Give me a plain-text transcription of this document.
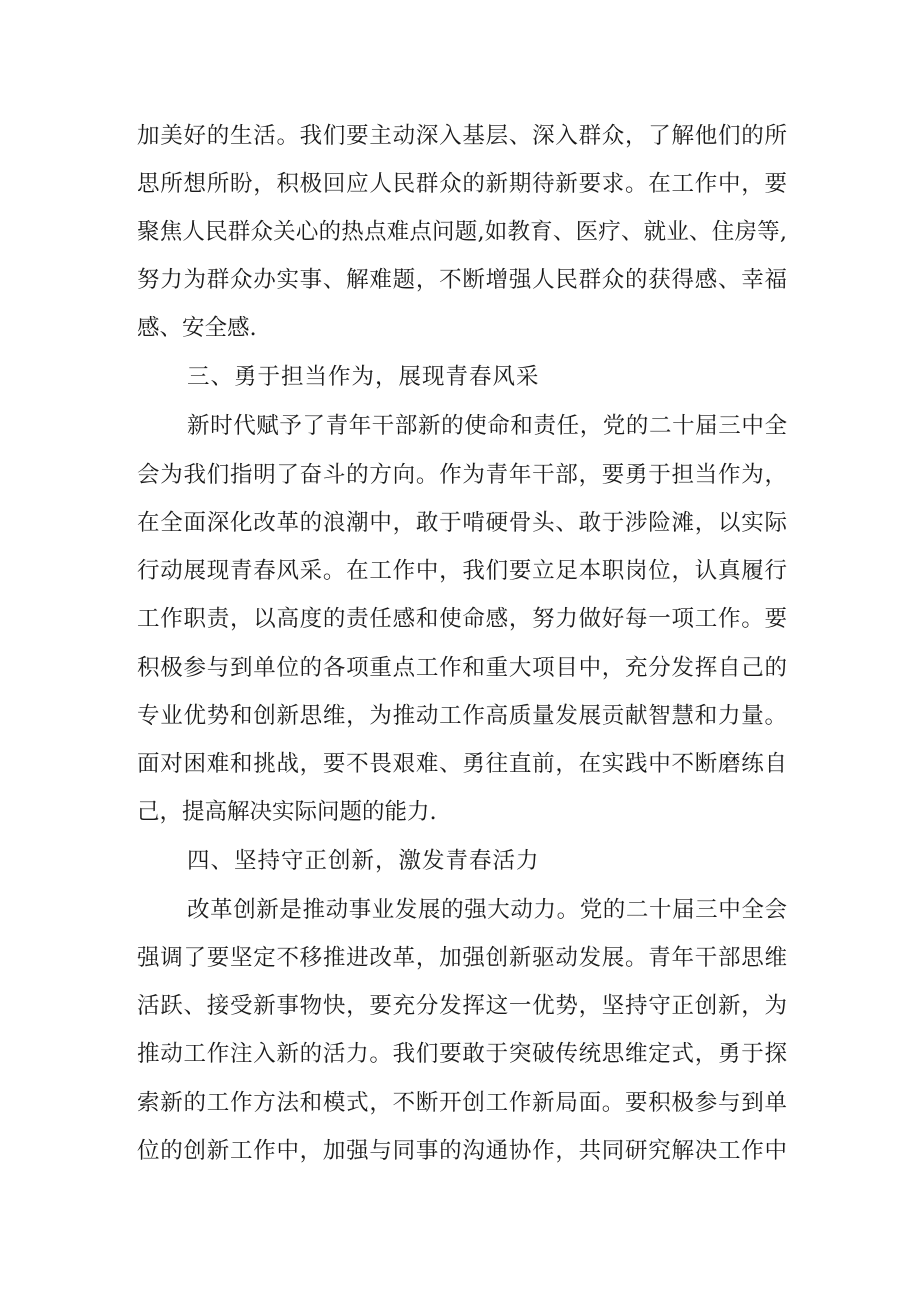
加美好的生活。我们要主动深入基层、深入群众，了解他们的所
思所想所盼，积极回应人民群众的新期待新要求。在工作中，要
聚焦人民群众关心的热点难点问题,如教育、医疗、就业、住房等,
努力为群众办实事、解难题，不断增强人民群众的获得感、幸福
感、安全感.
三、勇于担当作为，展现青春风采
新时代赋予了青年干部新的使命和责任，党的二十届三中全
会为我们指明了奋斗的方向。作为青年干部，要勇于担当作为，
在全面深化改革的浪潮中，敢于啃硬骨头、敢于涉险滩，以实际
行动展现青春风采。在工作中，我们要立足本职岗位，认真履行
工作职责，以高度的责任感和使命感，努力做好每一项工作。要
积极参与到单位的各项重点工作和重大项目中，充分发挥自己的
专业优势和创新思维，为推动工作高质量发展贡献智慧和力量。
面对困难和挑战，要不畏艰难、勇往直前，在实践中不断磨练自
己，提高解决实际问题的能力.
四、坚持守正创新，激发青春活力
改革创新是推动事业发展的强大动力。党的二十届三中全会
强调了要坚定不移推进改革，加强创新驱动发展。青年干部思维
活跃、接受新事物快，要充分发挥这一优势，坚持守正创新，为
推动工作注入新的活力。我们要敢于突破传统思维定式，勇于探
索新的工作方法和模式，不断开创工作新局面。要积极参与到单
位的创新工作中，加强与同事的沟通协作，共同研究解决工作中
